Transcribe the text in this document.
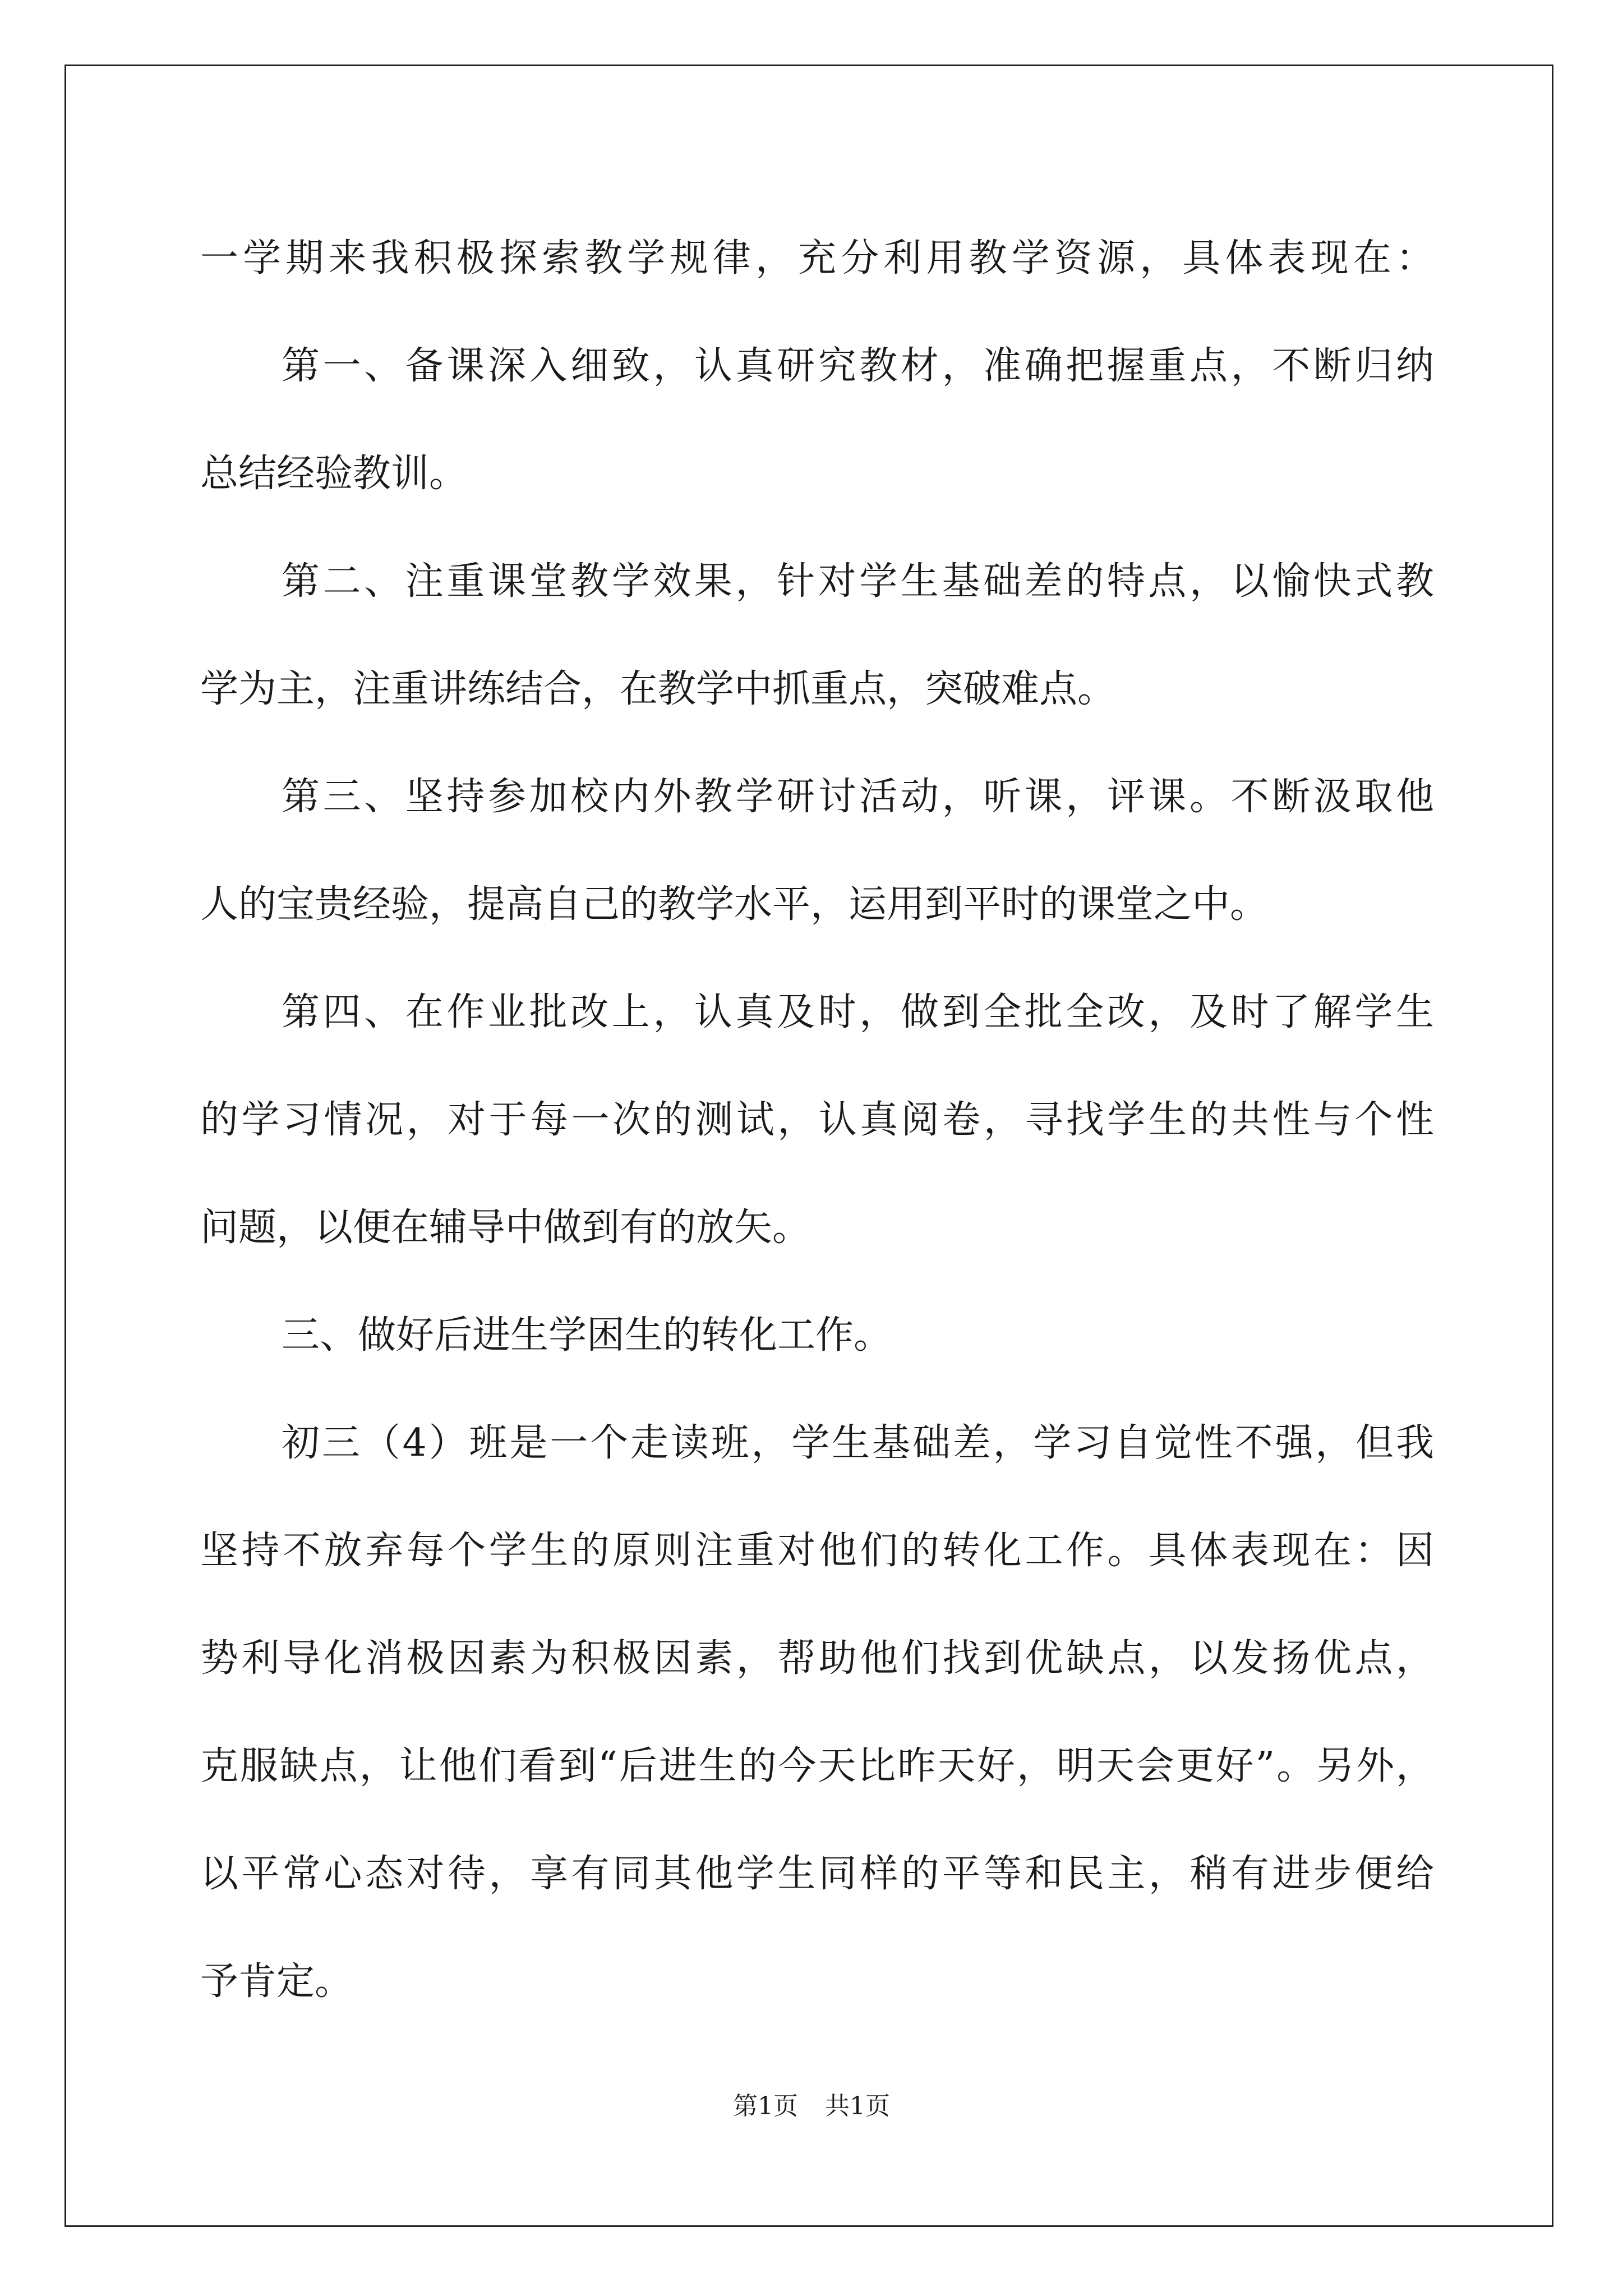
一学期来我积极探索教学规律，充分利用教学资源，具体表现在：
第一、备课深入细致，认真研究教材，准确把握重点，不断归纳
总结经验教训。
第二、注重课堂教学效果，针对学生基础差的特点，以愉快式教
学为主，注重讲练结合，在教学中抓重点，突破难点。
第三、坚持参加校内外教学研讨活动，听课，评课。不断汲取他
人的宝贵经验，提高自己的教学水平，运用到平时的课堂之中。
第四、在作业批改上，认真及时，做到全批全改，及时了解学生
的学习情况，对于每一次的测试，认真阅卷，寻找学生的共性与个性
问题，以便在辅导中做到有的放矢。
三、做好后进生学困生的转化工作。
初三（4）班是一个走读班，学生基础差，学习自觉性不强，但我
坚持不放弃每个学生的原则注重对他们的转化工作。具体表现在：因
势利导化消极因素为积极因素，帮助他们找到优缺点，以发扬优点，
克服缺点，让他们看到“后进生的今天比昨天好，明天会更好”。另外，
以平常心态对待，享有同其他学生同样的平等和民主，稍有进步便给
予肯定。
第1页 共1页
